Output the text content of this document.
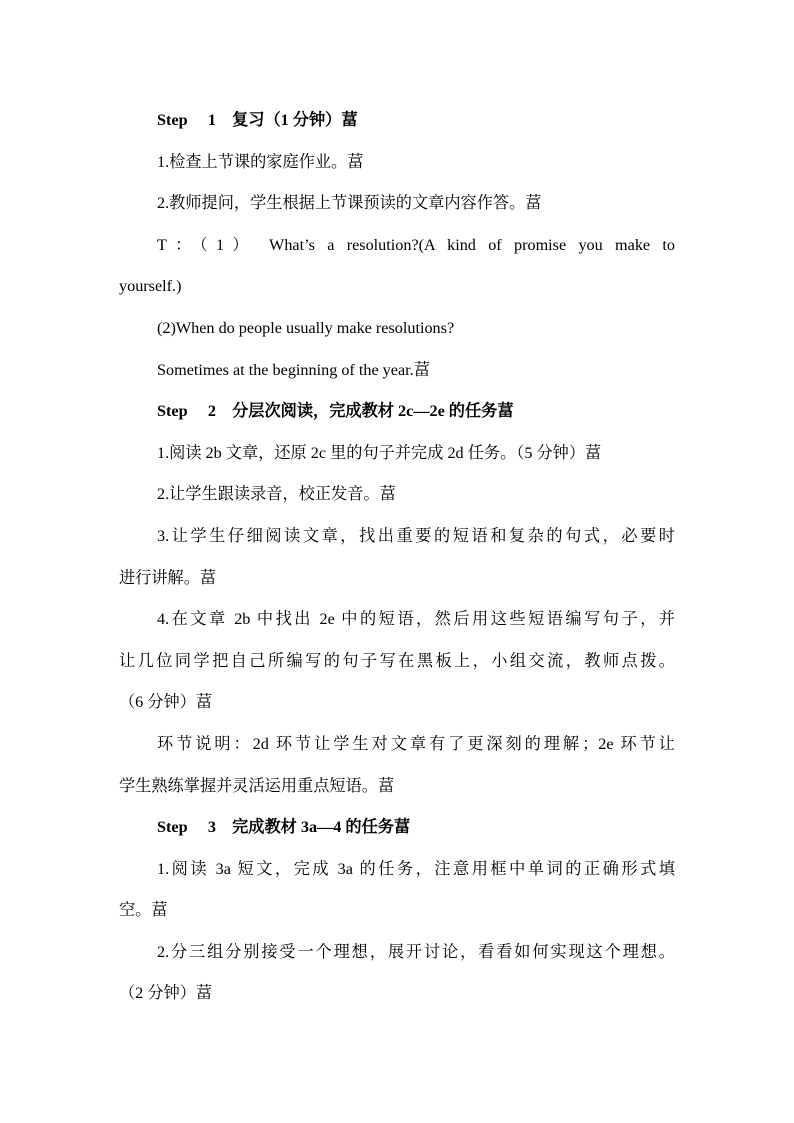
Step     1    复习（1 分钟）葍
1.检查上节课的家庭作业。葍
2.教师提问，学生根据上节课预读的文章内容作答。葍
T：（1） What’s a resolution?(A kind of promise you make to
yourself.)
(2)When do people usually make resolutions?
Sometimes at the beginning of the year.葍
Step     2    分层次阅读，完成教材 2c—2e 的任务葍
1.阅读 2b 文章，还原 2c 里的句子并完成 2d 任务。（5 分钟）葍
2.让学生跟读录音，校正发音。葍
3.让学生仔细阅读文章，找出重要的短语和复杂的句式，必要时
进行讲解。葍
4.在文章 2b 中找出 2e 中的短语，然后用这些短语编写句子，并
让几位同学把自己所编写的句子写在黑板上，小组交流，教师点拨。
（6 分钟）葍
环节说明：2d 环节让学生对文章有了更深刻的理解；2e 环节让
学生熟练掌握并灵活运用重点短语。葍
Step     3    完成教材 3a—4 的任务葍
1.阅读 3a 短文，完成 3a 的任务，注意用框中单词的正确形式填
空。葍
2.分三组分别接受一个理想，展开讨论，看看如何实现这个理想。
（2 分钟）葍
